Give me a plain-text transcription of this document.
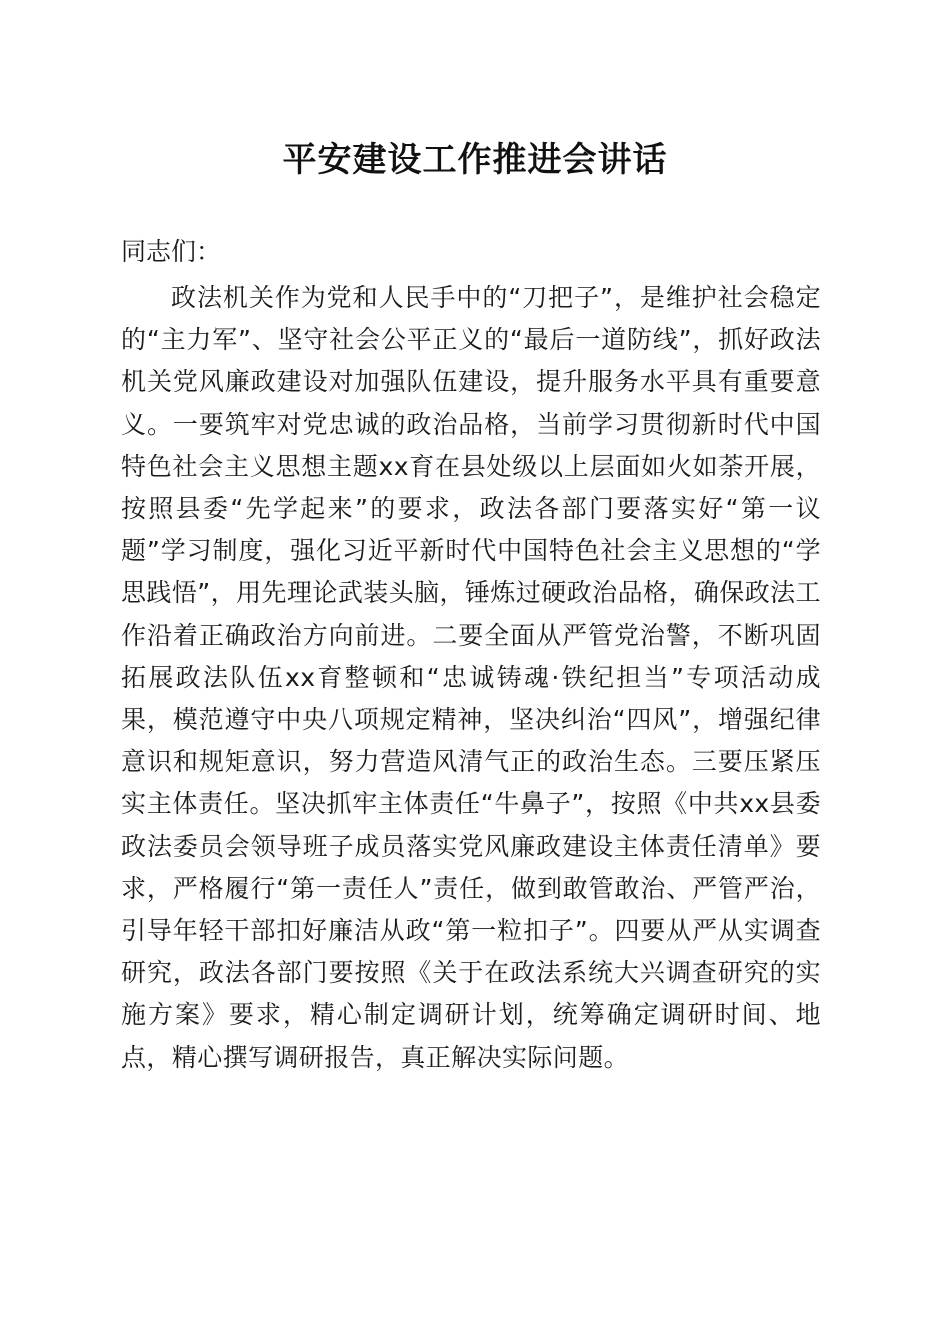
平安建设工作推进会讲话
同志们：

政法机关作为党和人民手中的“刀把子”，是维护社会稳定的“主力军”、坚守社会公平正义的“最后一道防线”，抓好政法机关党风廉政建设对加强队伍建设，提升服务水平具有重要意义。一要筑牢对党忠诚的政治品格，当前学习贯彻新时代中国特色社会主义思想主题xx育在县处级以上层面如火如荼开展，按照县委“先学起来”的要求，政法各部门要落实好“第一议题”学习制度，强化习近平新时代中国特色社会主义思想的“学思践悟”，用先理论武装头脑，锤炼过硬政治品格，确保政法工作沿着正确政治方向前进。二要全面从严管党治警，不断巩固拓展政法队伍xx育整顿和“忠诚铸魂·铁纪担当”专项活动成果，模范遵守中央八项规定精神，坚决纠治“四风”，增强纪律意识和规矩意识，努力营造风清气正的政治生态。三要压紧压实主体责任。坚决抓牢主体责任“牛鼻子”，按照《中共xx县委政法委员会领导班子成员落实党风廉政建设主体责任清单》要求，严格履行“第一责任人”责任，做到敢管敢治、严管严治，引导年轻干部扣好廉洁从政“第一粒扣子”。四要从严从实调查研究，政法各部门要按照《关于在政法系统大兴调查研究的实施方案》要求，精心制定调研计划，统筹确定调研时间、地点，精心撰写调研报告，真正解决实际问题。
